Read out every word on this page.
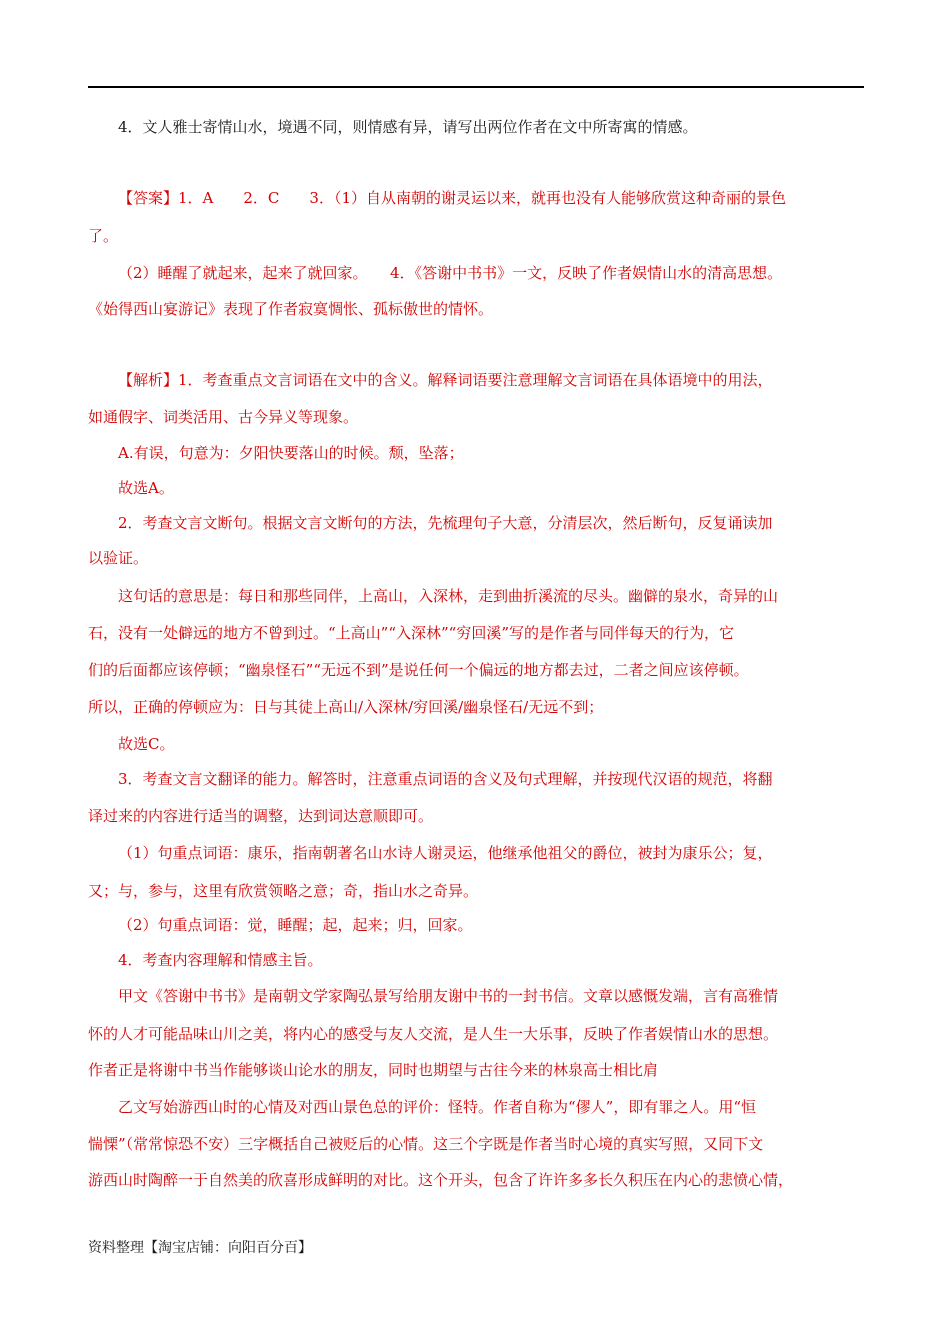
4．文人雅士寄情山水，境遇不同，则情感有异，请写出两位作者在文中所寄寓的情感。
【答案】1．A　　2．C　　3．（1）自从南朝的谢灵运以来，就再也没有人能够欣赏这种奇丽的景色
了。
（2）睡醒了就起来，起来了就回家。　　4．《答谢中书书》一文，反映了作者娱情山水的清高思想。
《始得西山宴游记》表现了作者寂寞惆怅、孤标傲世的情怀。
【解析】1．考查重点文言词语在文中的含义。解释词语要注意理解文言词语在具体语境中的用法，
如通假字、词类活用、古今异义等现象。
A.有误，句意为：夕阳快要落山的时候。颓，坠落；
故选A。
2．考查文言文断句。根据文言文断句的方法，先梳理句子大意，分清层次，然后断句，反复诵读加
以验证。
这句话的意思是：每日和那些同伴，上高山，入深林，走到曲折溪流的尽头。幽僻的泉水，奇异的山
石，没有一处僻远的地方不曾到过。“上高山”“入深林”“穷回溪”写的是作者与同伴每天的行为，它
们的后面都应该停顿；“幽泉怪石”“无远不到”是说任何一个偏远的地方都去过，二者之间应该停顿。
所以，正确的停顿应为：日与其徒上高山/入深林/穷回溪/幽泉怪石/无远不到；
故选C。
3．考查文言文翻译的能力。解答时，注意重点词语的含义及句式理解，并按现代汉语的规范，将翻
译过来的内容进行适当的调整，达到词达意顺即可。
（1）句重点词语：康乐，指南朝著名山水诗人谢灵运，他继承他祖父的爵位，被封为康乐公；复，
又；与，参与，这里有欣赏领略之意；奇，指山水之奇异。
（2）句重点词语：觉，睡醒；起，起来；归，回家。
4．考查内容理解和情感主旨。
甲文《答谢中书书》是南朝文学家陶弘景写给朋友谢中书的一封书信。文章以感慨发端，言有高雅情
怀的人才可能品味山川之美，将内心的感受与友人交流，是人生一大乐事，反映了作者娱情山水的思想。
作者正是将谢中书当作能够谈山论水的朋友，同时也期望与古往今来的林泉高士相比肩
乙文写始游西山时的心情及对西山景色总的评价：怪特。作者自称为“僇人”，即有罪之人。用“恒
惴慄”（常常惊恐不安）三字概括自己被贬后的心情。这三个字既是作者当时心境的真实写照，又同下文
游西山时陶醉一于自然美的欣喜形成鲜明的对比。这个开头，包含了许许多多长久积压在内心的悲愤心情，
资料整理【淘宝店铺：向阳百分百】
